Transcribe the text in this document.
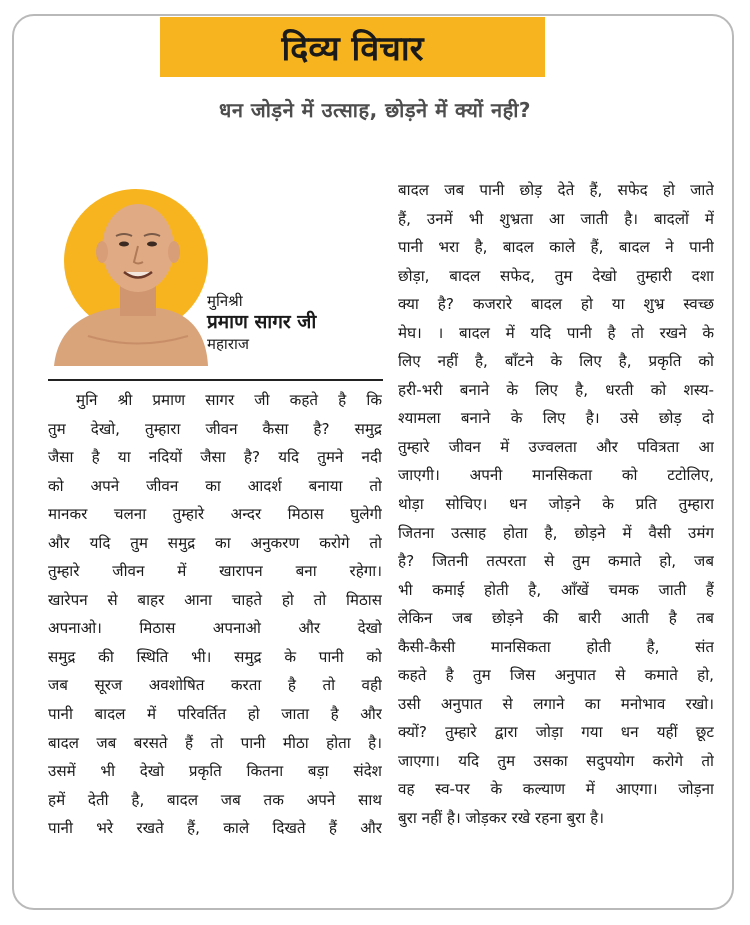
दिव्य विचार
धन जोड़ने में उत्साह, छोड़ने में क्यों नही?
मुनिश्री
प्रमाण सागर जी
महाराज
मुनि श्री प्रमाण सागर जी कहते है कि
तुम देखो, तुम्हारा जीवन कैसा है? समुद्र
जैसा है या नदियों जैसा है? यदि तुमने नदी
को अपने जीवन का आदर्श बनाया तो
मानकर चलना तुम्हारे अन्दर मिठास घुलेगी
और यदि तुम समुद्र का अनुकरण करोगे तो
तुम्हारे जीवन में खारापन बना रहेगा।
खारेपन से बाहर आना चाहते हो तो मिठास
अपनाओ। मिठास अपनाओ और देखो
समुद्र की स्थिति भी। समुद्र के पानी को
जब सूरज अवशोषित करता है तो वही
पानी बादल में परिवर्तित हो जाता है और
बादल जब बरसते हैं तो पानी मीठा होता है।
उसमें भी देखो प्रकृति कितना बड़ा संदेश
हमें देती है, बादल जब तक अपने साथ
पानी भरे रखते हैं, काले दिखते हैं और
बादल जब पानी छोड़ देते हैं, सफेद हो जाते
हैं, उनमें भी शुभ्रता आ जाती है। बादलों में
पानी भरा है, बादल काले हैं, बादल ने पानी
छोड़ा, बादल सफेद, तुम देखो तुम्हारी दशा
क्या है? कजरारे बादल हो या शुभ्र स्वच्छ
मेघ। । बादल में यदि पानी है तो रखने के
लिए नहीं है, बाँटने के लिए है, प्रकृति को
हरी-भरी बनाने के लिए है, धरती को शस्य-
श्यामला बनाने के लिए है। उसे छोड़ दो
तुम्हारे जीवन में उज्वलता और पवित्रता आ
जाएगी। अपनी मानसिकता को टटोलिए,
थोड़ा सोचिए। धन जोड़ने के प्रति तुम्हारा
जितना उत्साह होता है, छोड़ने में वैसी उमंग
है? जितनी तत्परता से तुम कमाते हो, जब
भी कमाई होती है, आँखें चमक जाती हैं
लेकिन जब छोड़ने की बारी आती है तब
कैसी-कैसी मानसिकता होती है, संत
कहते है तुम जिस अनुपात से कमाते हो,
उसी अनुपात से लगाने का मनोभाव रखो।
क्यों? तुम्हारे द्वारा जोड़ा गया धन यहीं छूट
जाएगा। यदि तुम उसका सदुपयोग करोगे तो
वह स्व-पर के कल्याण में आएगा। जोड़ना
बुरा नहीं है। जोड़कर रखे रहना बुरा है।
